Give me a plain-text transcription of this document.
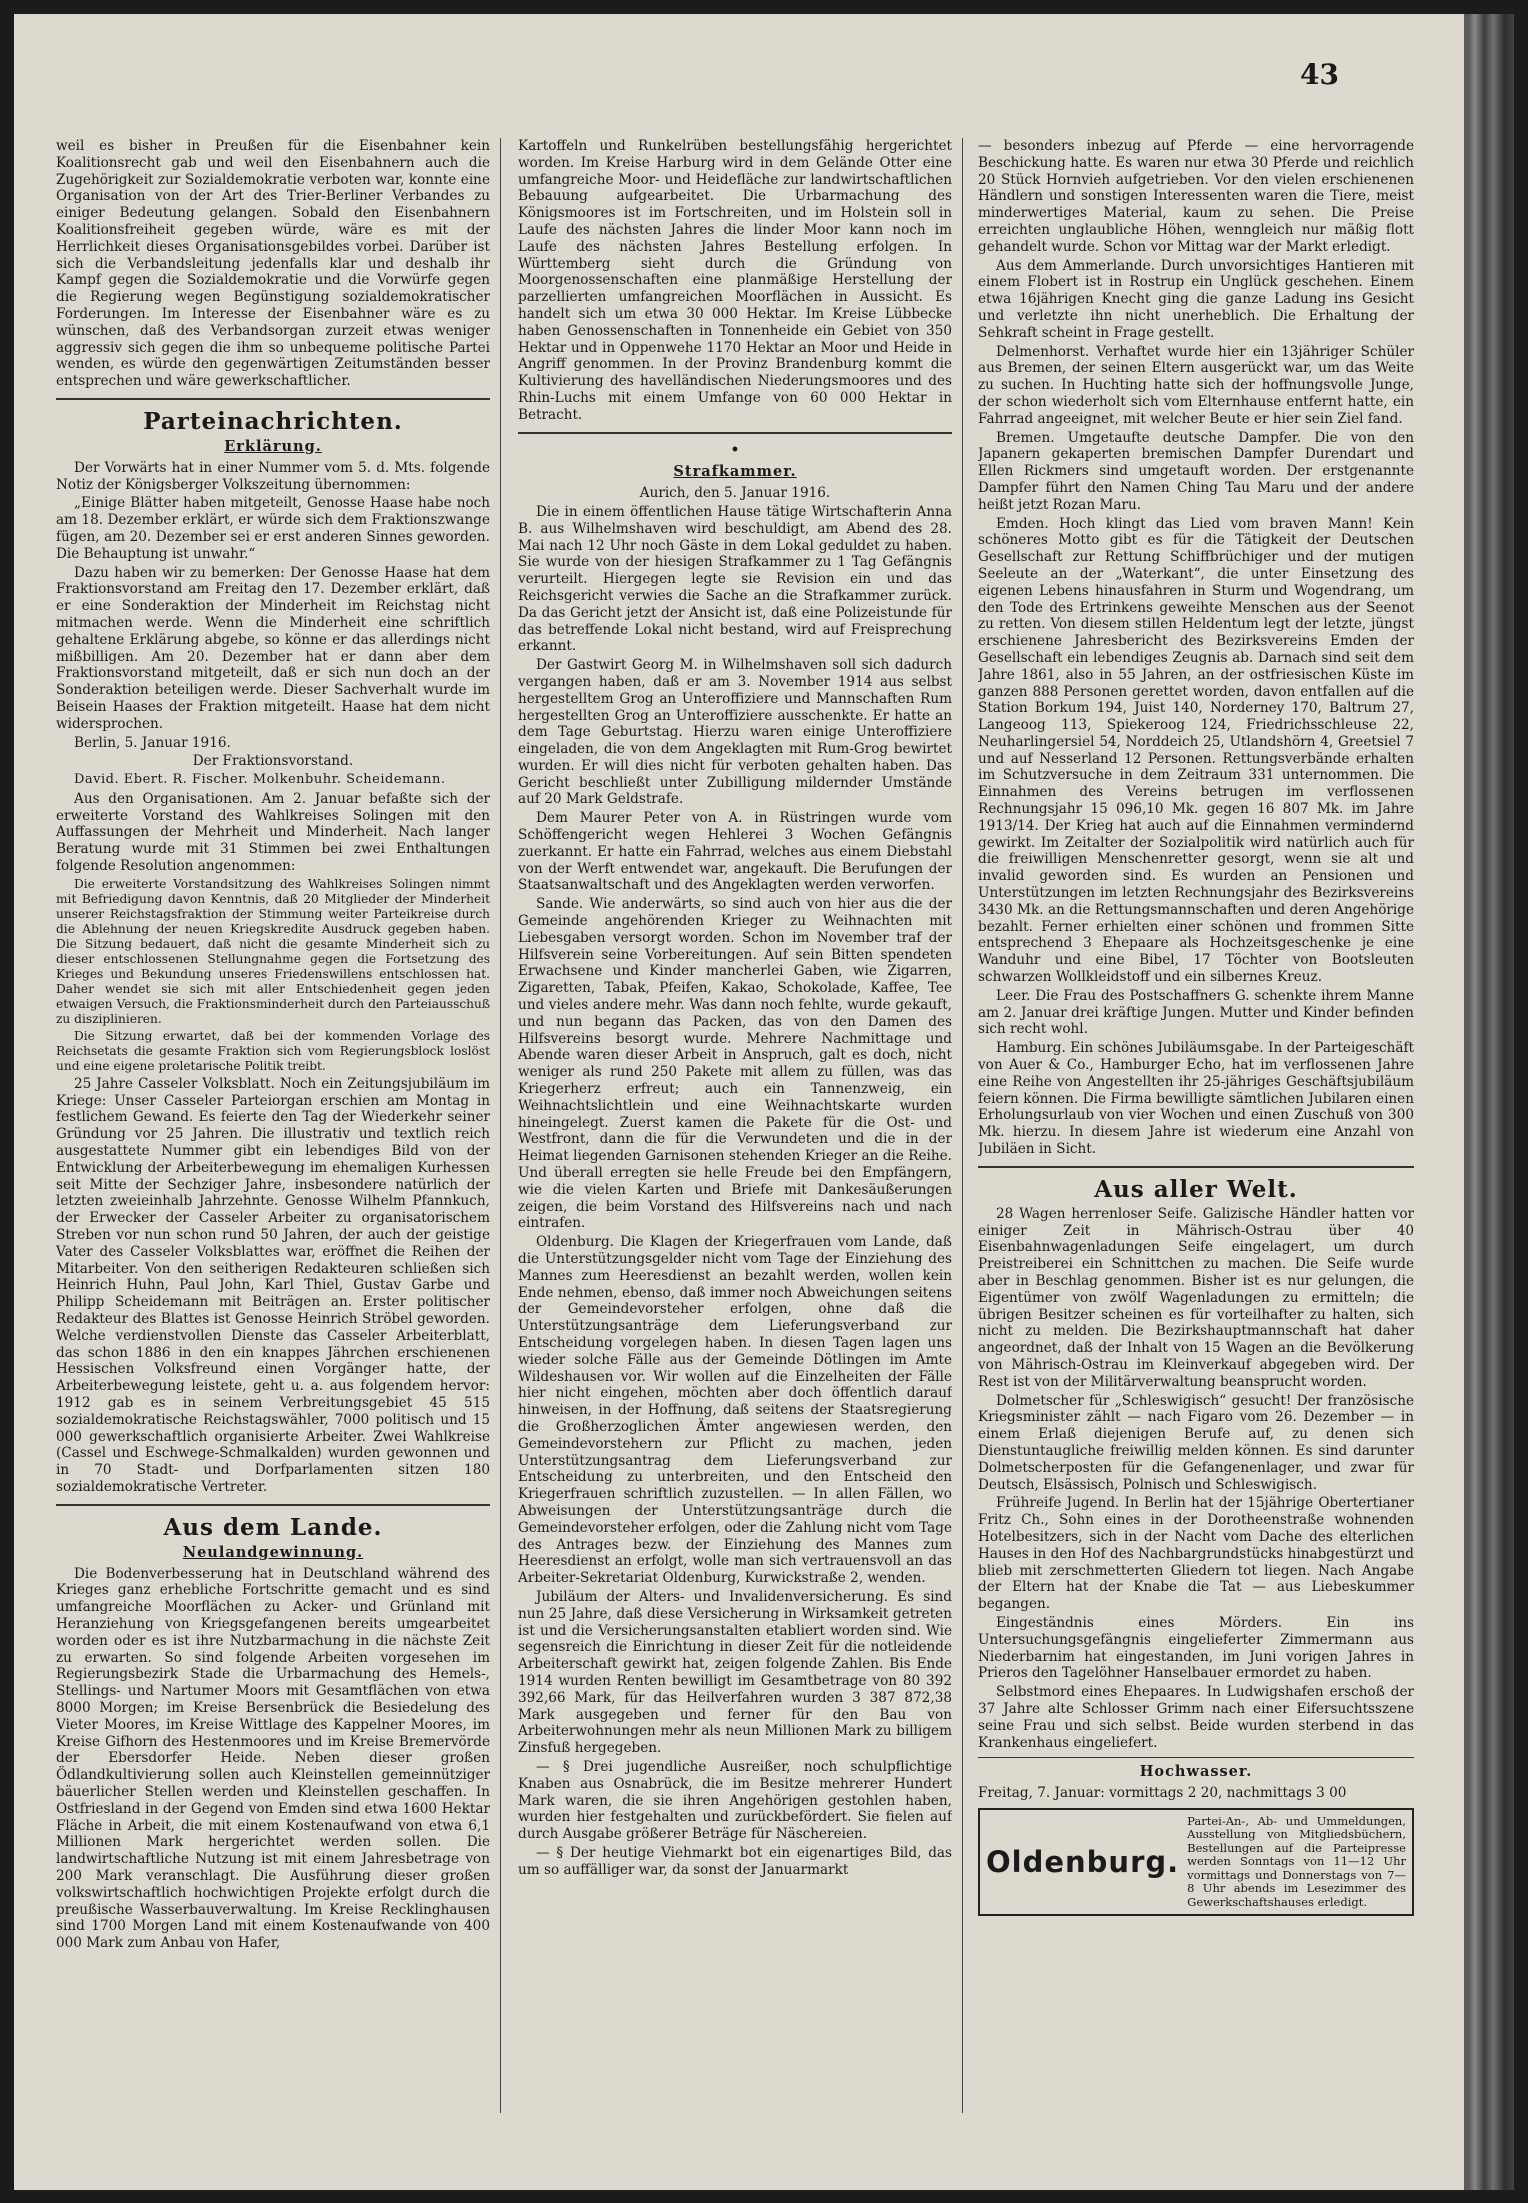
43

weil es bisher in Preußen für die Eisenbahner kein Koalitionsrecht gab und weil den Eisenbahnern auch die Zugehörigkeit zur Sozialdemokratie verboten war, konnte eine Organisation von der Art des Trier-Berliner Verbandes zu einiger Bedeutung gelangen. Sobald den Eisenbahnern Koalitionsfreiheit gegeben würde, wäre es mit der Herrlichkeit dieses Organisationsgebildes vorbei. Darüber ist sich die Verbandsleitung jedenfalls klar und deshalb ihr Kampf gegen die Sozialdemokratie und die Vorwürfe gegen die Regierung wegen Begünstigung sozialdemokratischer Forderungen. Im Interesse der Eisenbahner wäre es zu wünschen, daß des Verbandsorgan zurzeit etwas weniger aggressiv sich gegen die ihm so unbequeme politische Partei wenden, es würde den gegenwärtigen Zeitumständen besser entsprechen und wäre gewerkschaftlicher.

Parteinachrichten.
Erklärung.

Der Vorwärts hat in einer Nummer vom 5. d. Mts. folgende Notiz der Königsberger Volkszeitung übernommen:

„Einige Blätter haben mitgeteilt, Genosse Haase habe noch am 18. Dezember erklärt, er würde sich dem Fraktionszwange fügen, am 20. Dezember sei er erst anderen Sinnes geworden. Die Behauptung ist unwahr.“

Dazu haben wir zu bemerken: Der Genosse Haase hat dem Fraktionsvorstand am Freitag den 17. Dezember erklärt, daß er eine Sonderaktion der Minderheit im Reichstag nicht mitmachen werde. Wenn die Minderheit eine schriftlich gehaltene Erklärung abgebe, so könne er das allerdings nicht mißbilligen. Am 20. Dezember hat er dann aber dem Fraktionsvorstand mitgeteilt, daß er sich nun doch an der Sonderaktion beteiligen werde. Dieser Sachverhalt wurde im Beisein Haases der Fraktion mitgeteilt. Haase hat dem nicht widersprochen.

Berlin, 5. Januar 1916.

Der Fraktionsvorstand.

David. Ebert. R. Fischer. Molkenbuhr. Scheidemann.

Aus den Organisationen. Am 2. Januar befaßte sich der erweiterte Vorstand des Wahlkreises Solingen mit den Auffassungen der Mehrheit und Minderheit. Nach langer Beratung wurde mit 31 Stimmen bei zwei Enthaltungen folgende Resolution angenommen:

Die erweiterte Vorstandsitzung des Wahlkreises Solingen nimmt mit Befriedigung davon Kenntnis, daß 20 Mitglieder der Minderheit unserer Reichstagsfraktion der Stimmung weiter Parteikreise durch die Ablehnung der neuen Kriegskredite Ausdruck gegeben haben. Die Sitzung bedauert, daß nicht die gesamte Minderheit sich zu dieser entschlossenen Stellungnahme gegen die Fortsetzung des Krieges und Bekundung unseres Friedenswillens entschlossen hat. Daher wendet sie sich mit aller Entschiedenheit gegen jeden etwaigen Versuch, die Fraktionsminderheit durch den Parteiausschuß zu disziplinieren.

Die Sitzung erwartet, daß bei der kommenden Vorlage des Reichsetats die gesamte Fraktion sich vom Regierungsblock loslöst und eine eigene proletarische Politik treibt.

25 Jahre Casseler Volksblatt. Noch ein Zeitungsjubiläum im Kriege: Unser Casseler Parteiorgan erschien am Montag in festlichem Gewand. Es feierte den Tag der Wiederkehr seiner Gründung vor 25 Jahren. Die illustrativ und textlich reich ausgestattete Nummer gibt ein lebendiges Bild von der Entwicklung der Arbeiterbewegung im ehemaligen Kurhessen seit Mitte der Sechziger Jahre, insbesondere natürlich der letzten zweieinhalb Jahrzehnte. Genosse Wilhelm Pfannkuch, der Erwecker der Casseler Arbeiter zu organisatorischem Streben vor nun schon rund 50 Jahren, der auch der geistige Vater des Casseler Volksblattes war, eröffnet die Reihen der Mitarbeiter. Von den seitherigen Redakteuren schließen sich Heinrich Huhn, Paul John, Karl Thiel, Gustav Garbe und Philipp Scheidemann mit Beiträgen an. Erster politischer Redakteur des Blattes ist Genosse Heinrich Ströbel geworden. Welche verdienstvollen Dienste das Casseler Arbeiterblatt, das schon 1886 in den ein knappes Jährchen erschienenen Hessischen Volksfreund einen Vorgänger hatte, der Arbeiterbewegung leistete, geht u. a. aus folgendem hervor: 1912 gab es in seinem Verbreitungsgebiet 45 515 sozialdemokratische Reichstagswähler, 7000 politisch und 15 000 gewerkschaftlich organisierte Arbeiter. Zwei Wahlkreise (Cassel und Eschwege-Schmalkalden) wurden gewonnen und in 70 Stadt- und Dorfparlamenten sitzen 180 sozialdemokratische Vertreter.

Aus dem Lande.
Neulandgewinnung.

Die Bodenverbesserung hat in Deutschland während des Krieges ganz erhebliche Fortschritte gemacht und es sind umfangreiche Moorflächen zu Acker- und Grünland mit Heranziehung von Kriegsgefangenen bereits umgearbeitet worden oder es ist ihre Nutzbarmachung in die nächste Zeit zu erwarten. So sind folgende Arbeiten vorgesehen im Regierungsbezirk Stade die Urbarmachung des Hemels-, Stellings- und Nartumer Moors mit Gesamtflächen von etwa 8000 Morgen; im Kreise Bersenbrück die Besiedelung des Vieter Moores, im Kreise Wittlage des Kappelner Moores, im Kreise Gifhorn des Hestenmoores und im Kreise Bremervörde der Ebersdorfer Heide. Neben dieser großen Ödlandkultivierung sollen auch Kleinstellen gemeinnütziger bäuerlicher Stellen werden und Kleinstellen geschaffen. In Ostfriesland in der Gegend von Emden sind etwa 1600 Hektar Fläche in Arbeit, die mit einem Kostenaufwand von etwa 6,1 Millionen Mark hergerichtet werden sollen. Die landwirtschaftliche Nutzung ist mit einem Jahresbetrage von 200 Mark veranschlagt. Die Ausführung dieser großen volkswirtschaftlich hochwichtigen Projekte erfolgt durch die preußische Wasserbauverwaltung. Im Kreise Recklinghausen sind 1700 Morgen Land mit einem Kostenaufwande von 400 000 Mark zum Anbau von Hafer,

Kartoffeln und Runkelrüben bestellungsfähig hergerichtet worden. Im Kreise Harburg wird in dem Gelände Otter eine umfangreiche Moor- und Heidefläche zur landwirtschaftlichen Bebauung aufgearbeitet. Die Urbarmachung des Königsmoores ist im Fortschreiten, und im Holstein soll in Laufe des nächsten Jahres die linder Moor kann noch im Laufe des nächsten Jahres Bestellung erfolgen. In Württemberg sieht durch die Gründung von Moorgenossenschaften eine planmäßige Herstellung der parzellierten umfangreichen Moorflächen in Aussicht. Es handelt sich um etwa 30 000 Hektar. Im Kreise Lübbecke haben Genossenschaften in Tonnenheide ein Gebiet von 350 Hektar und in Oppenwehe 1170 Hektar an Moor und Heide in Angriff genommen. In der Provinz Brandenburg kommt die Kultivierung des havelländischen Niederungsmoores und des Rhin-Luchs mit einem Umfange von 60 000 Hektar in Betracht.

•
Strafkammer.

Aurich, den 5. Januar 1916.

Die in einem öffentlichen Hause tätige Wirtschafterin Anna B. aus Wilhelmshaven wird beschuldigt, am Abend des 28. Mai nach 12 Uhr noch Gäste in dem Lokal geduldet zu haben. Sie wurde von der hiesigen Strafkammer zu 1 Tag Gefängnis verurteilt. Hiergegen legte sie Revision ein und das Reichsgericht verwies die Sache an die Strafkammer zurück. Da das Gericht jetzt der Ansicht ist, daß eine Polizeistunde für das betreffende Lokal nicht bestand, wird auf Freisprechung erkannt.

Der Gastwirt Georg M. in Wilhelmshaven soll sich dadurch vergangen haben, daß er am 3. November 1914 aus selbst hergestelltem Grog an Unteroffiziere und Mannschaften Rum hergestellten Grog an Unteroffiziere ausschenkte. Er hatte an dem Tage Geburtstag. Hierzu waren einige Unteroffiziere eingeladen, die von dem Angeklagten mit Rum-Grog bewirtet wurden. Er will dies nicht für verboten gehalten haben. Das Gericht beschließt unter Zubilligung mildernder Umstände auf 20 Mark Geldstrafe.

Dem Maurer Peter von A. in Rüstringen wurde vom Schöffengericht wegen Hehlerei 3 Wochen Gefängnis zuerkannt. Er hatte ein Fahrrad, welches aus einem Diebstahl von der Werft entwendet war, angekauft. Die Berufungen der Staatsanwaltschaft und des Angeklagten werden verworfen.

Sande. Wie anderwärts, so sind auch von hier aus die der Gemeinde angehörenden Krieger zu Weihnachten mit Liebesgaben versorgt worden. Schon im November traf der Hilfsverein seine Vorbereitungen. Auf sein Bitten spendeten Erwachsene und Kinder mancherlei Gaben, wie Zigarren, Zigaretten, Tabak, Pfeifen, Kakao, Schokolade, Kaffee, Tee und vieles andere mehr. Was dann noch fehlte, wurde gekauft, und nun begann das Packen, das von den Damen des Hilfsvereins besorgt wurde. Mehrere Nachmittage und Abende waren dieser Arbeit in Anspruch, galt es doch, nicht weniger als rund 250 Pakete mit allem zu füllen, was das Kriegerherz erfreut; auch ein Tannenzweig, ein Weihnachtslichtlein und eine Weihnachtskarte wurden hineingelegt. Zuerst kamen die Pakete für die Ost- und Westfront, dann die für die Verwundeten und die in der Heimat liegenden Garnisonen stehenden Krieger an die Reihe. Und überall erregten sie helle Freude bei den Empfängern, wie die vielen Karten und Briefe mit Dankesäußerungen zeigen, die beim Vorstand des Hilfsvereins nach und nach eintrafen.

Oldenburg. Die Klagen der Kriegerfrauen vom Lande, daß die Unterstützungsgelder nicht vom Tage der Einziehung des Mannes zum Heeresdienst an bezahlt werden, wollen kein Ende nehmen, ebenso, daß immer noch Abweichungen seitens der Gemeindevorsteher erfolgen, ohne daß die Unterstützungsanträge dem Lieferungsverband zur Entscheidung vorgelegen haben. In diesen Tagen lagen uns wieder solche Fälle aus der Gemeinde Dötlingen im Amte Wildeshausen vor. Wir wollen auf die Einzelheiten der Fälle hier nicht eingehen, möchten aber doch öffentlich darauf hinweisen, in der Hoffnung, daß seitens der Staatsregierung die Großherzoglichen Ämter angewiesen werden, den Gemeindevorstehern zur Pflicht zu machen, jeden Unterstützungsantrag dem Lieferungsverband zur Entscheidung zu unterbreiten, und den Entscheid den Kriegerfrauen schriftlich zuzustellen. — In allen Fällen, wo Abweisungen der Unterstützungsanträge durch die Gemeindevorsteher erfolgen, oder die Zahlung nicht vom Tage des Antrages bezw. der Einziehung des Mannes zum Heeresdienst an erfolgt, wolle man sich vertrauensvoll an das Arbeiter-Sekretariat Oldenburg, Kurwickstraße 2, wenden.

Jubiläum der Alters- und Invalidenversicherung. Es sind nun 25 Jahre, daß diese Versicherung in Wirksamkeit getreten ist und die Versicherungsanstalten etabliert worden sind. Wie segensreich die Einrichtung in dieser Zeit für die notleidende Arbeiterschaft gewirkt hat, zeigen folgende Zahlen. Bis Ende 1914 wurden Renten bewilligt im Gesamtbetrage von 80 392 392,66 Mark, für das Heilverfahren wurden 3 387 872,38 Mark ausgegeben und ferner für den Bau von Arbeiterwohnungen mehr als neun Millionen Mark zu billigem Zinsfuß hergegeben.

— § Drei jugendliche Ausreißer, noch schulpflichtige Knaben aus Osnabrück, die im Besitze mehrerer Hundert Mark waren, die sie ihren Angehörigen gestohlen haben, wurden hier festgehalten und zurückbefördert. Sie fielen auf durch Ausgabe größerer Beträge für Näschereien.

— § Der heutige Viehmarkt bot ein eigenartiges Bild, das um so auffälliger war, da sonst der Januarmarkt

— besonders inbezug auf Pferde — eine hervorragende Beschickung hatte. Es waren nur etwa 30 Pferde und reichlich 20 Stück Hornvieh aufgetrieben. Vor den vielen erschienenen Händlern und sonstigen Interessenten waren die Tiere, meist minderwertiges Material, kaum zu sehen. Die Preise erreichten unglaubliche Höhen, wenngleich nur mäßig flott gehandelt wurde. Schon vor Mittag war der Markt erledigt.

Aus dem Ammerlande. Durch unvorsichtiges Hantieren mit einem Flobert ist in Rostrup ein Unglück geschehen. Einem etwa 16jährigen Knecht ging die ganze Ladung ins Gesicht und verletzte ihn nicht unerheblich. Die Erhaltung der Sehkraft scheint in Frage gestellt.

Delmenhorst. Verhaftet wurde hier ein 13jähriger Schüler aus Bremen, der seinen Eltern ausgerückt war, um das Weite zu suchen. In Huchting hatte sich der hoffnungsvolle Junge, der schon wiederholt sich vom Elternhause entfernt hatte, ein Fahrrad angeeignet, mit welcher Beute er hier sein Ziel fand.

Bremen. Umgetaufte deutsche Dampfer. Die von den Japanern gekaperten bremischen Dampfer Durendart und Ellen Rickmers sind umgetauft worden. Der erstgenannte Dampfer führt den Namen Ching Tau Maru und der andere heißt jetzt Rozan Maru.

Emden. Hoch klingt das Lied vom braven Mann! Kein schöneres Motto gibt es für die Tätigkeit der Deutschen Gesellschaft zur Rettung Schiffbrüchiger und der mutigen Seeleute an der „Waterkant“, die unter Einsetzung des eigenen Lebens hinausfahren in Sturm und Wogendrang, um den Tode des Ertrinkens geweihte Menschen aus der Seenot zu retten. Von diesem stillen Heldentum legt der letzte, jüngst erschienene Jahresbericht des Bezirksvereins Emden der Gesellschaft ein lebendiges Zeugnis ab. Darnach sind seit dem Jahre 1861, also in 55 Jahren, an der ostfriesischen Küste im ganzen 888 Personen gerettet worden, davon entfallen auf die Station Borkum 194, Juist 140, Norderney 170, Baltrum 27, Langeoog 113, Spiekeroog 124, Friedrichsschleuse 22, Neuharlingersiel 54, Norddeich 25, Utlandshörn 4, Greetsiel 7 und auf Nesserland 12 Personen. Rettungsverbände erhalten im Schutzversuche in dem Zeitraum 331 unternommen. Die Einnahmen des Vereins betrugen im verflossenen Rechnungsjahr 15 096,10 Mk. gegen 16 807 Mk. im Jahre 1913/14. Der Krieg hat auch auf die Einnahmen vermindernd gewirkt. Im Zeitalter der Sozialpolitik wird natürlich auch für die freiwilligen Menschenretter gesorgt, wenn sie alt und invalid geworden sind. Es wurden an Pensionen und Unterstützungen im letzten Rechnungsjahr des Bezirksvereins 3430 Mk. an die Rettungsmannschaften und deren Angehörige bezahlt. Ferner erhielten einer schönen und frommen Sitte entsprechend 3 Ehepaare als Hochzeitsgeschenke je eine Wanduhr und eine Bibel, 17 Töchter von Bootsleuten schwarzen Wollkleidstoff und ein silbernes Kreuz.

Leer. Die Frau des Postschaffners G. schenkte ihrem Manne am 2. Januar drei kräftige Jungen. Mutter und Kinder befinden sich recht wohl.

Hamburg. Ein schönes Jubiläumsgabe. In der Parteigeschäft von Auer & Co., Hamburger Echo, hat im verflossenen Jahre eine Reihe von Angestellten ihr 25-jähriges Geschäftsjubiläum feiern können. Die Firma bewilligte sämtlichen Jubilaren einen Erholungsurlaub von vier Wochen und einen Zuschuß von 300 Mk. hierzu. In diesem Jahre ist wiederum eine Anzahl von Jubiläen in Sicht.

Aus aller Welt.

28 Wagen herrenloser Seife. Galizische Händler hatten vor einiger Zeit in Mährisch-Ostrau über 40 Eisenbahnwagenladungen Seife eingelagert, um durch Preistreiberei ein Schnittchen zu machen. Die Seife wurde aber in Beschlag genommen. Bisher ist es nur gelungen, die Eigentümer von zwölf Wagenladungen zu ermitteln; die übrigen Besitzer scheinen es für vorteilhafter zu halten, sich nicht zu melden. Die Bezirkshauptmannschaft hat daher angeordnet, daß der Inhalt von 15 Wagen an die Bevölkerung von Mährisch-Ostrau im Kleinverkauf abgegeben wird. Der Rest ist von der Militärverwaltung beansprucht worden.

Dolmetscher für „Schleswigisch“ gesucht! Der französische Kriegsminister zählt — nach Figaro vom 26. Dezember — in einem Erlaß diejenigen Berufe auf, zu denen sich Dienstuntaugliche freiwillig melden können. Es sind darunter Dolmetscherposten für die Gefangenenlager, und zwar für Deutsch, Elsässisch, Polnisch und Schleswigisch.

Frühreife Jugend. In Berlin hat der 15jährige Obertertianer Fritz Ch., Sohn eines in der Dorotheenstraße wohnenden Hotelbesitzers, sich in der Nacht vom Dache des elterlichen Hauses in den Hof des Nachbargrundstücks hinabgestürzt und blieb mit zerschmetterten Gliedern tot liegen. Nach Angabe der Eltern hat der Knabe die Tat — aus Liebeskummer begangen.

Eingeständnis eines Mörders. Ein ins Untersuchungsgefängnis eingelieferter Zimmermann aus Niederbarnim hat eingestanden, im Juni vorigen Jahres in Prieros den Tagelöhner Hanselbauer ermordet zu haben.

Selbstmord eines Ehepaares. In Ludwigshafen erschoß der 37 Jahre alte Schlosser Grimm nach einer Eifersuchtsszene seine Frau und sich selbst. Beide wurden sterbend in das Krankenhaus eingeliefert.

Hochwasser.
Freitag, 7. Januar: vormittags 2 20, nachmittags 3 00
Oldenburg.
Partei-An-, Ab- und Ummeldungen, Ausstellung von Mitgliedsbüchern, Bestellungen auf die Parteipresse werden Sonntags von 11—12 Uhr vormittags und Donnerstags von 7—8 Uhr abends im Lesezimmer des Gewerkschaftshauses erledigt.
